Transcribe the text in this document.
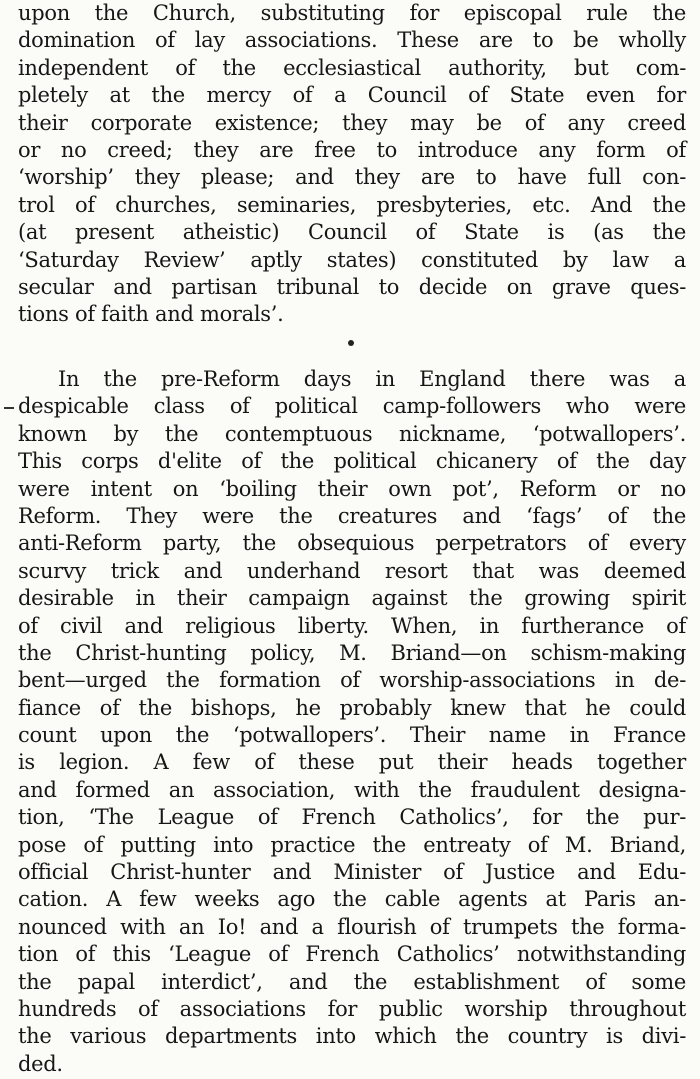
upon the Church, substituting for episcopal rule the
domination of lay associations. These are to be wholly
independent of the ecclesiastical authority, but com-
pletely at the mercy of a Council of State even for
their corporate existence; they may be of any creed
or no creed; they are free to introduce any form of
‘worship’ they please; and they are to have full con-
trol of churches, seminaries, presbyteries, etc. And the
(at present atheistic) Council of State is (as the
‘Saturday Review’ aptly states) constituted by law a
secular and partisan tribunal to decide on grave ques-
tions of faith and morals’.
In the pre-Reform days in England there was a
despicable class of political camp-followers who were
known by the contemptuous nickname, ‘potwallopers’.
This corps d'elite of the political chicanery of the day
were intent on ‘boiling their own pot’, Reform or no
Reform. They were the creatures and ‘fags’ of the
anti-Reform party, the obsequious perpetrators of every
scurvy trick and underhand resort that was deemed
desirable in their campaign against the growing spirit
of civil and religious liberty. When, in furtherance of
the Christ-hunting policy, M. Briand—on schism-making
bent—urged the formation of worship-associations in de-
fiance of the bishops, he probably knew that he could
count upon the ‘potwallopers’. Their name in France
is legion. A few of these put their heads together
and formed an association, with the fraudulent designa-
tion, ‘The League of French Catholics’, for the pur-
pose of putting into practice the entreaty of M. Briand,
official Christ-hunter and Minister of Justice and Edu-
cation. A few weeks ago the cable agents at Paris an-
nounced with an Io! and a flourish of trumpets the forma-
tion of this ‘League of French Catholics’ notwithstanding
the papal interdict’, and the establishment of some
hundreds of associations for public worship throughout
the various departments into which the country is divi-
ded.
